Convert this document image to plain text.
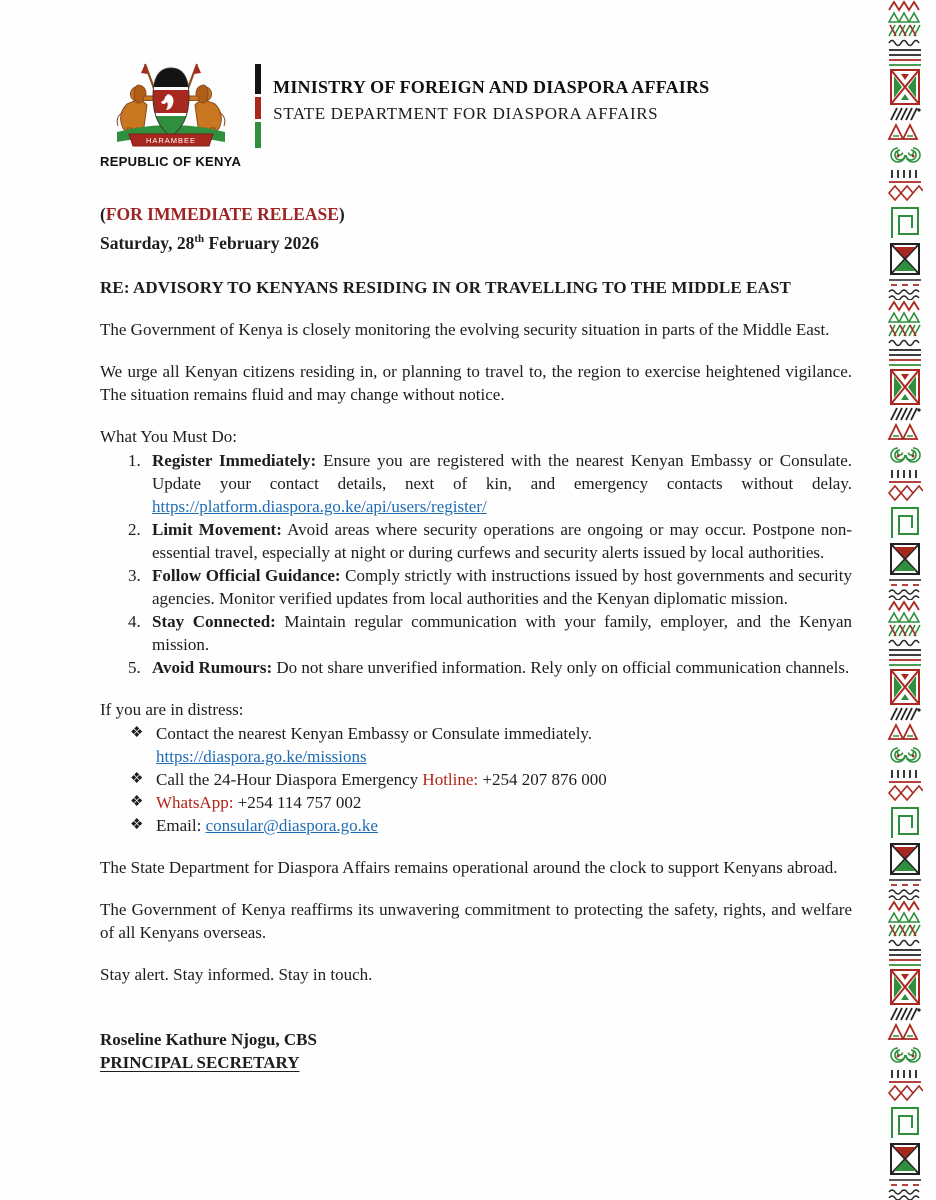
HARAMBEE
REPUBLIC OF KENYA
MINISTRY OF FOREIGN AND DIASPORA AFFAIRS
STATE DEPARTMENT FOR DIASPORA AFFAIRS
(FOR IMMEDIATE RELEASE)
Saturday, 28th February 2026
RE: ADVISORY TO KENYANS RESIDING IN OR TRAVELLING TO THE MIDDLE EAST

The Government of Kenya is closely monitoring the evolving security situation in parts of the Middle East.

We urge all Kenyan citizens residing in, or planning to travel to, the region to exercise heightened vigilance. The situation remains fluid and may change without notice.

What You Must Do:
1. Register Immediately: Ensure you are registered with the nearest Kenyan Embassy or Consulate. Update your contact details, next of kin, and emergency contacts without delay. https://platform.diaspora.go.ke/api/users/register/
2. Limit Movement: Avoid areas where security operations are ongoing or may occur. Postpone non-essential travel, especially at night or during curfews and security alerts issued by local authorities.
3. Follow Official Guidance: Comply strictly with instructions issued by host governments and security agencies. Monitor verified updates from local authorities and the Kenyan diplomatic mission.
4. Stay Connected: Maintain regular communication with your family, employer, and the Kenyan mission.
5. Avoid Rumours: Do not share unverified information. Rely only on official communication channels.

If you are in distress:

❖ Contact the nearest Kenyan Embassy or Consulate immediately.
https://diaspora.go.ke/missions
❖ Call the 24-Hour Diaspora Emergency Hotline: +254 207 876 000
❖ WhatsApp: +254 114 757 002
❖ Email: consular@diaspora.go.ke

The State Department for Diaspora Affairs remains operational around the clock to support Kenyans abroad.

The Government of Kenya reaffirms its unwavering commitment to protecting the safety, rights, and welfare of all Kenyans overseas.

Stay alert. Stay informed. Stay in touch.

Roseline Kathure Njogu, CBS
PRINCIPAL SECRETARY
